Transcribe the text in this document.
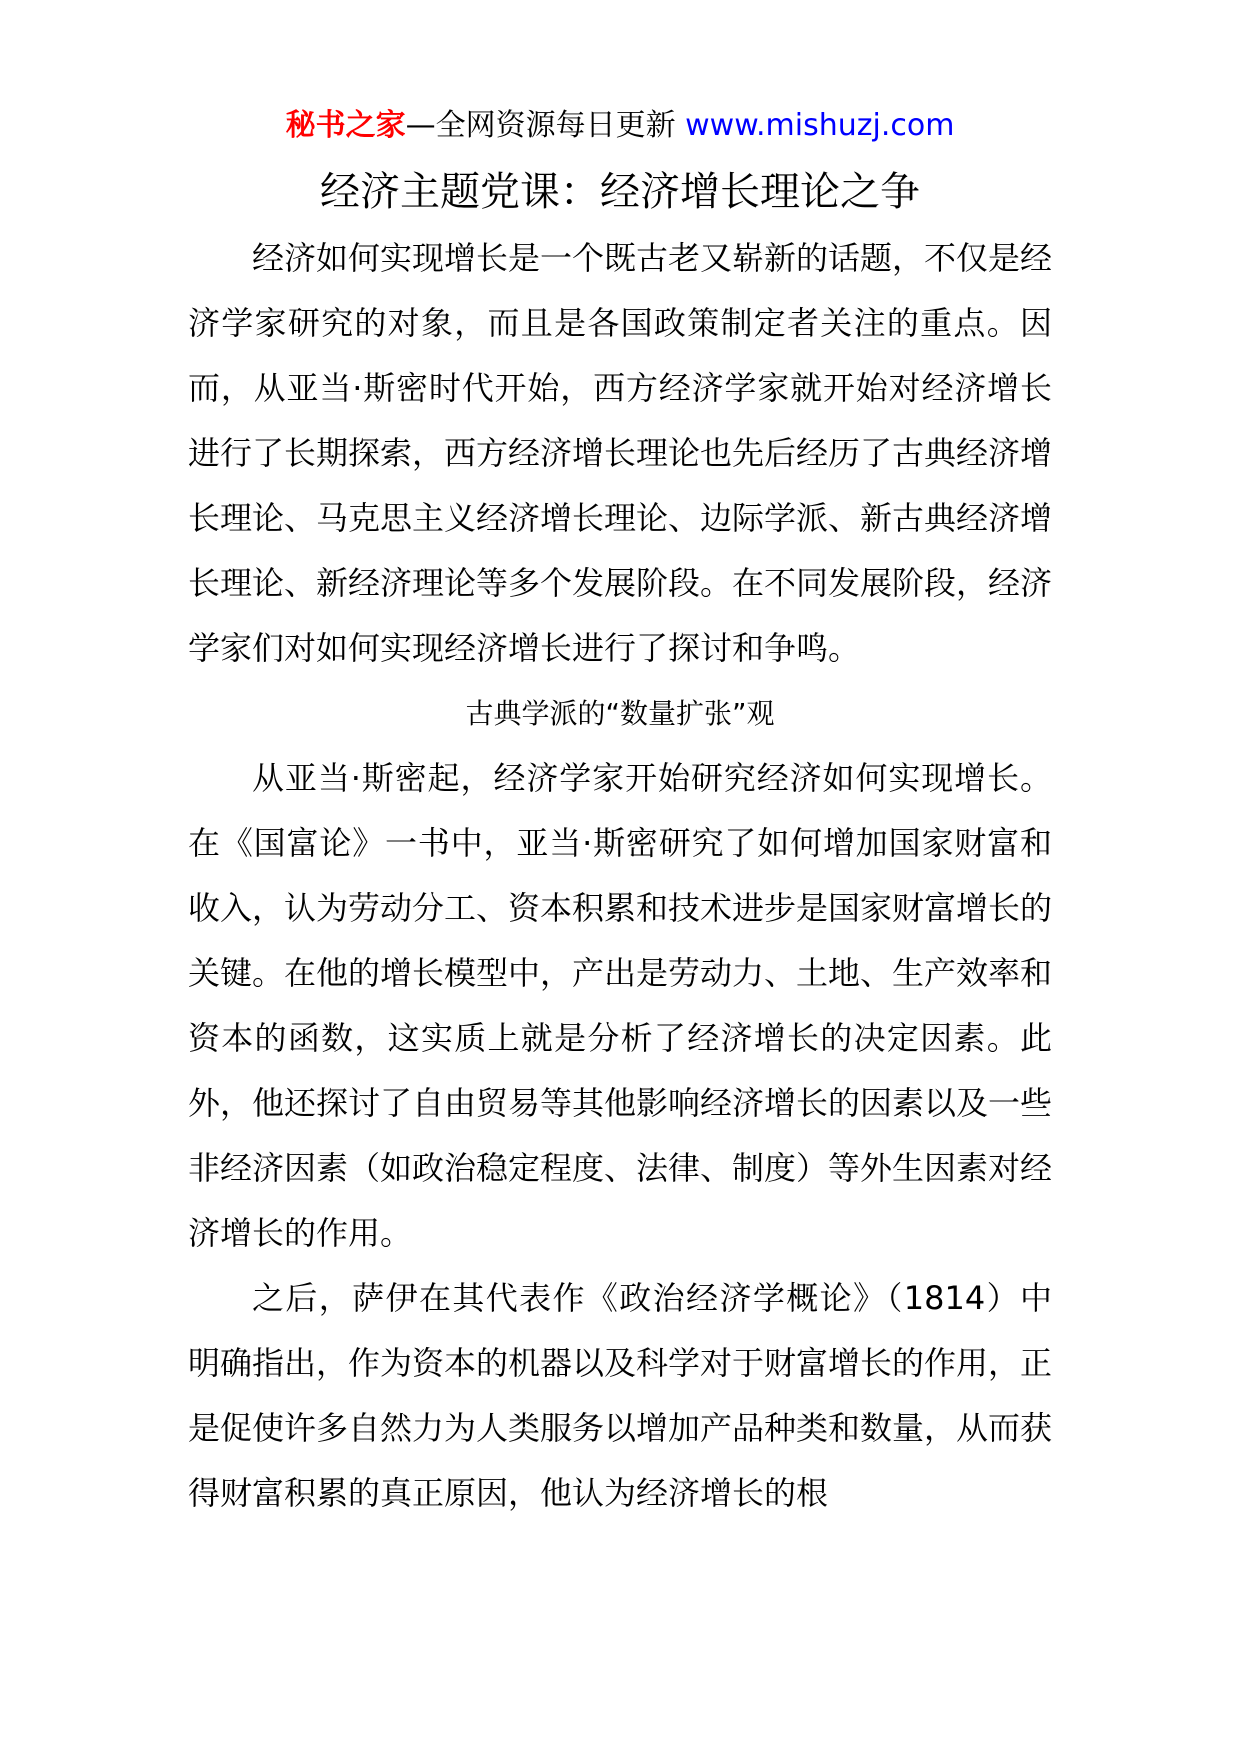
秘书之家—全网资源每日更新 www.mishuzj.com
经济主题党课：经济增长理论之争

经济如何实现增长是一个既古老又崭新的话题，不仅是经济学家研究的对象，而且是各国政策制定者关注的重点。因而，从亚当·斯密时代开始，西方经济学家就开始对经济增长进行了长期探索，西方经济增长理论也先后经历了古典经济增长理论、马克思主义经济增长理论、边际学派、新古典经济增长理论、新经济理论等多个发展阶段。在不同发展阶段，经济学家们对如何实现经济增长进行了探讨和争鸣。

古典学派的“数量扩张”观

从亚当·斯密起，经济学家开始研究经济如何实现增长。在《国富论》一书中，亚当·斯密研究了如何增加国家财富和收入，认为劳动分工、资本积累和技术进步是国家财富增长的关键。在他的增长模型中，产出是劳动力、土地、生产效率和资本的函数，这实质上就是分析了经济增长的决定因素。此外，他还探讨了自由贸易等其他影响经济增长的因素以及一些非经济因素（如政治稳定程度、法律、制度）等外生因素对经济增长的作用。

之后，萨伊在其代表作《政治经济学概论》（1814）中明确指出，作为资本的机器以及科学对于财富增长的作用，正是促使许多自然力为人类服务以增加产品种类和数量，从而获得财富积累的真正原因，他认为经济增长的根
